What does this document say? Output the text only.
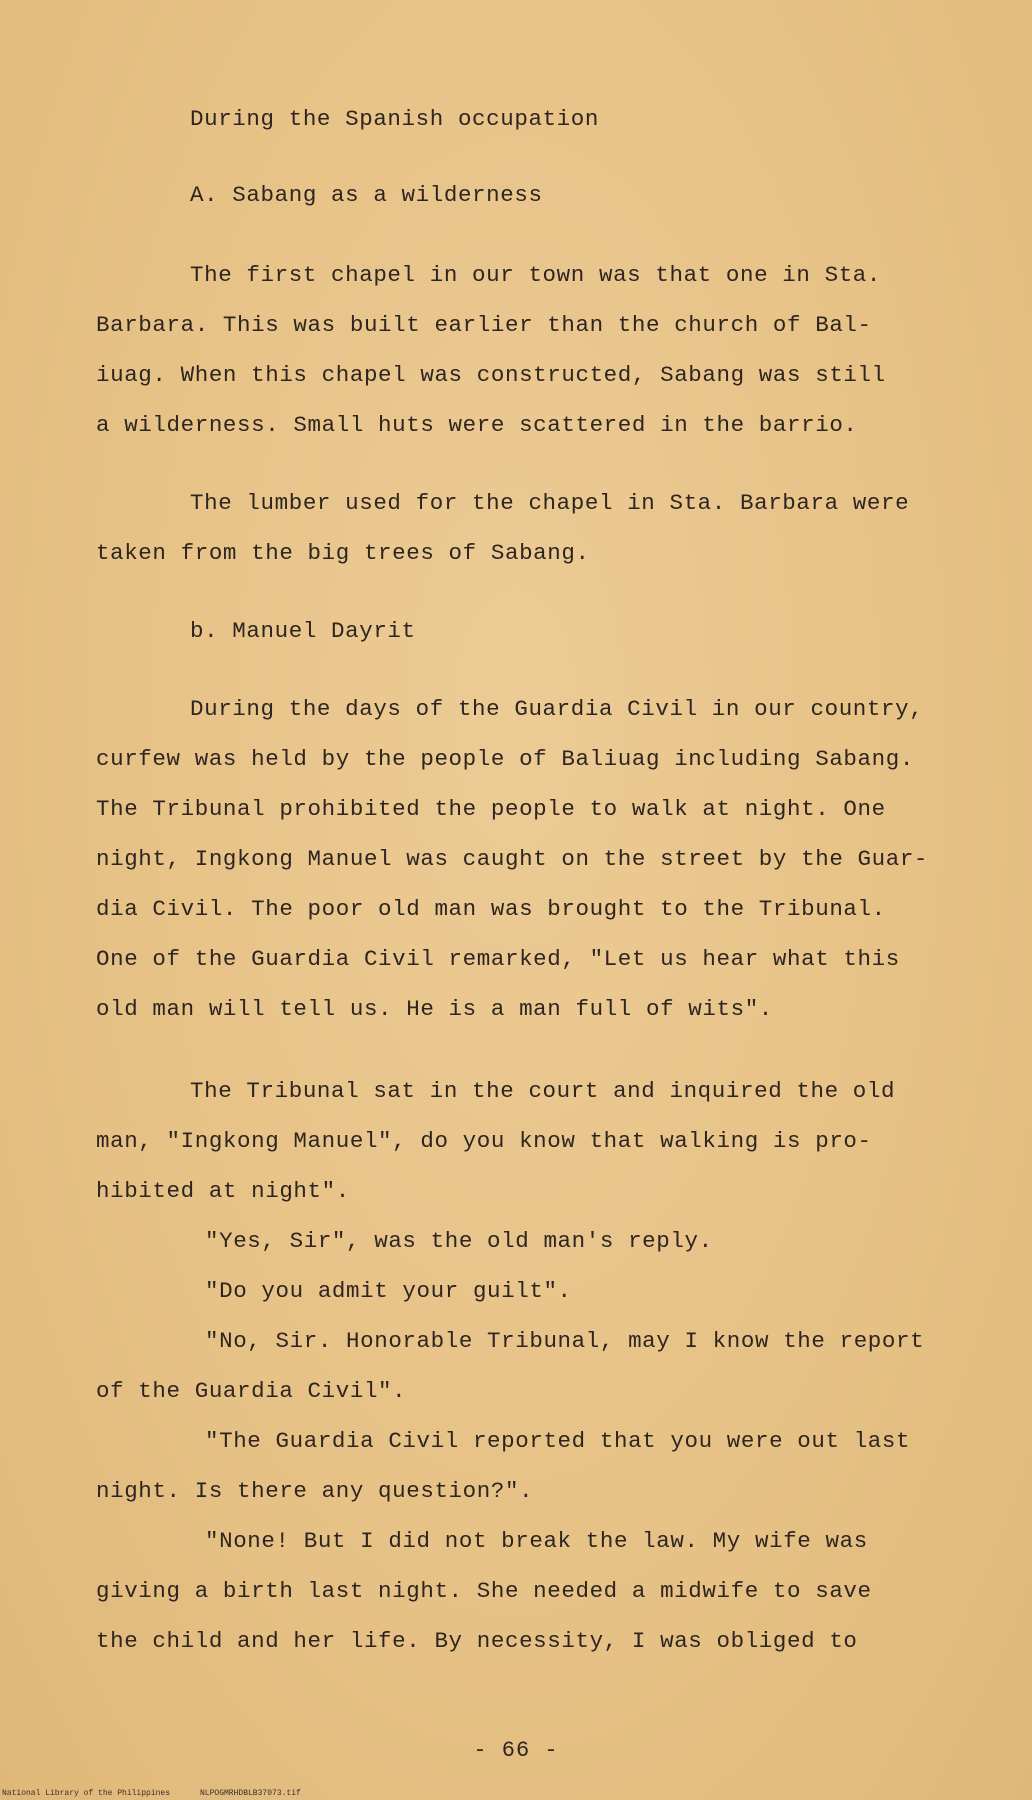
During the Spanish occupation

A. Sabang as a wilderness

The first chapel in our town was that one in Sta.

Barbara. This was built earlier than the church of Bal-

iuag. When this chapel was constructed, Sabang was still

a wilderness. Small huts were scattered in the barrio.

The lumber used for the chapel in Sta. Barbara were

taken from the big trees of Sabang.

b. Manuel Dayrit

During the days of the Guardia Civil in our country,

curfew was held by the people of Baliuag including Sabang.

The Tribunal prohibited the people to walk at night. One

night, Ingkong Manuel was caught on the street by the Guar-

dia Civil. The poor old man was brought to the Tribunal.

One of the Guardia Civil remarked, "Let us hear what this

old man will tell us. He is a man full of wits".

The Tribunal sat in the court and inquired the old

man, "Ingkong Manuel", do you know that walking is pro-

hibited at night".

"Yes, Sir", was the old man's reply.

"Do you admit your guilt".

"No, Sir. Honorable Tribunal, may I know the report

of the Guardia Civil".

"The Guardia Civil reported that you were out last

night. Is there any question?".

"None! But I did not break the law. My wife was

giving a birth last night. She needed a midwife to save

the child and her life. By necessity, I was obliged to

- 66 -

National Library of the Philippines

	NLPOGMRHDBLB37073.tif
